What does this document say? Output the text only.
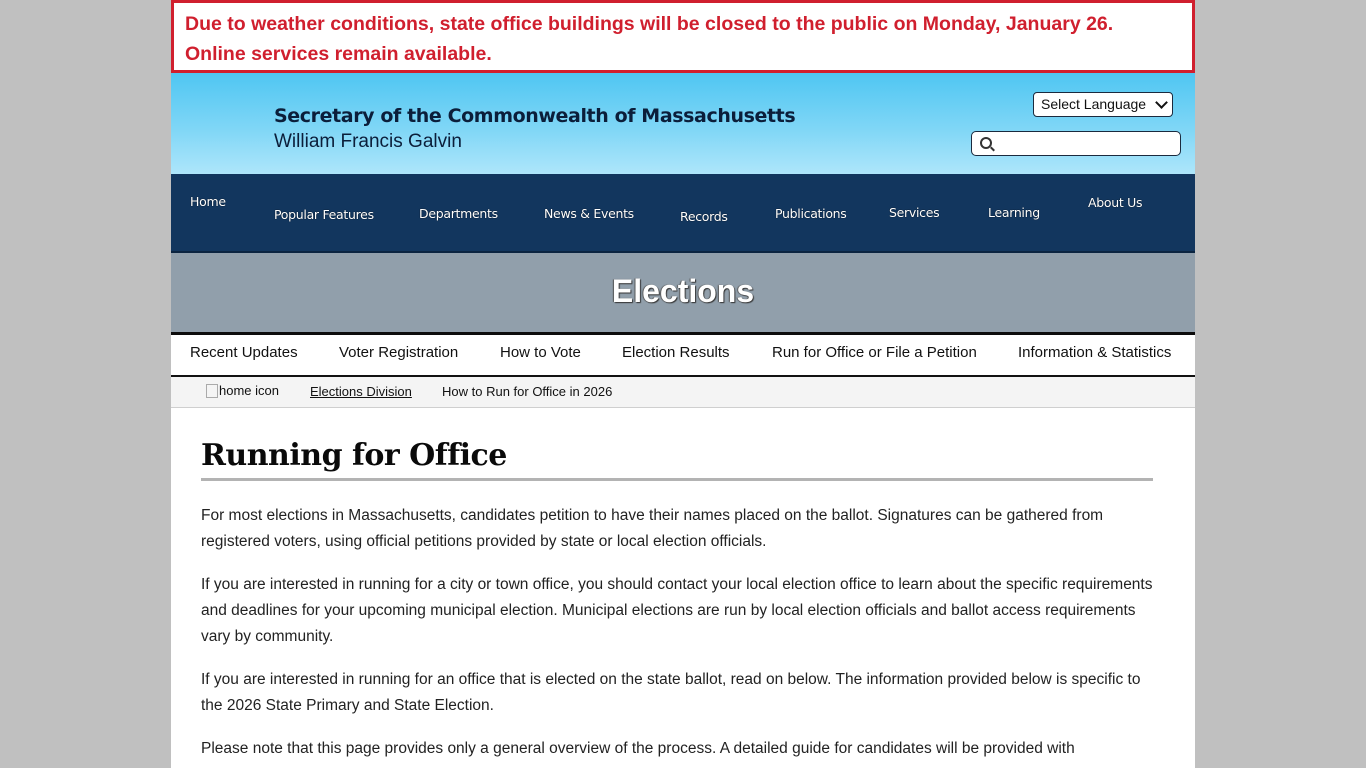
Due to weather conditions, state office buildings will be closed to the public on Monday, January 26.
Online services remain available.
Secretary of the Commonwealth of Massachusetts
William Francis Galvin
Select Language
Home
Popular Features	Departments	News & Events	Records	Publications	Services	Learning
About Us
Elections
Recent Updates	Voter Registration	How to Vote	Election Results	Run for Office or File a Petition	Information & Statistics
home icon Elections Division How to Run for Office in 2026
Running for Office

For most elections in Massachusetts, candidates petition to have their names placed on the ballot. Signatures can be gathered from registered voters, using official petitions provided by state or local election officials.

If you are interested in running for a city or town office, you should contact your local election office to learn about the specific requirements and deadlines for your upcoming municipal election. Municipal elections are run by local election officials and ballot access requirements vary by community.

If you are interested in running for an office that is elected on the state ballot, read on below. The information provided below is specific to the 2026 State Primary and State Election.

Please note that this page provides only a general overview of the process. A detailed guide for candidates will be provided with
